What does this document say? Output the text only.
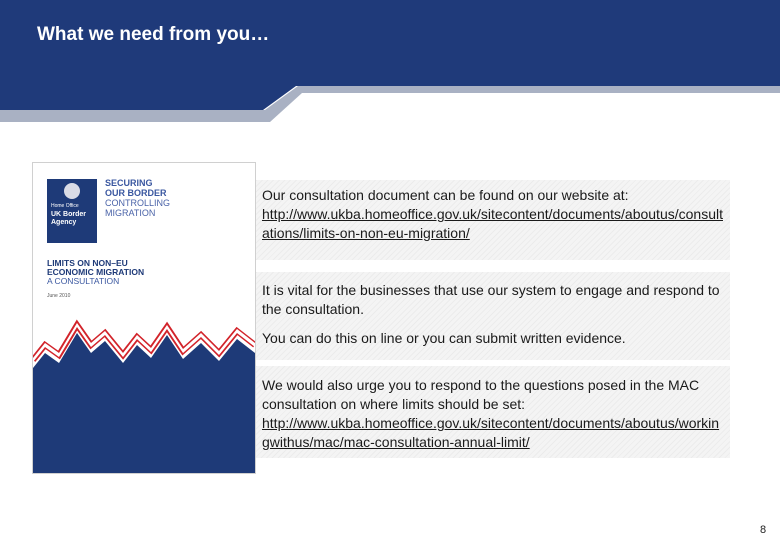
What we need from you…
Home Office
UK Border Agency
SECURING
OUR BORDER
CONTROLLING
MIGRATION
LIMITS ON NON–EU
ECONOMIC MIGRATION
A CONSULTATION
June 2010

Our consultation document can be found on our website at:

http://www.ukba.homeoffice.gov.uk/sitecontent/documents/aboutus/consultations/limits-on-non-eu-migration/

It is vital for the businesses that use our system to engage and respond to the consultation.

You can do this on line or you can submit written evidence.

We would also urge you to respond to the questions posed in the MAC consultation on where limits should be set:

http://www.ukba.homeoffice.gov.uk/sitecontent/documents/aboutus/workingwithus/mac/mac-consultation-annual-limit/

8
